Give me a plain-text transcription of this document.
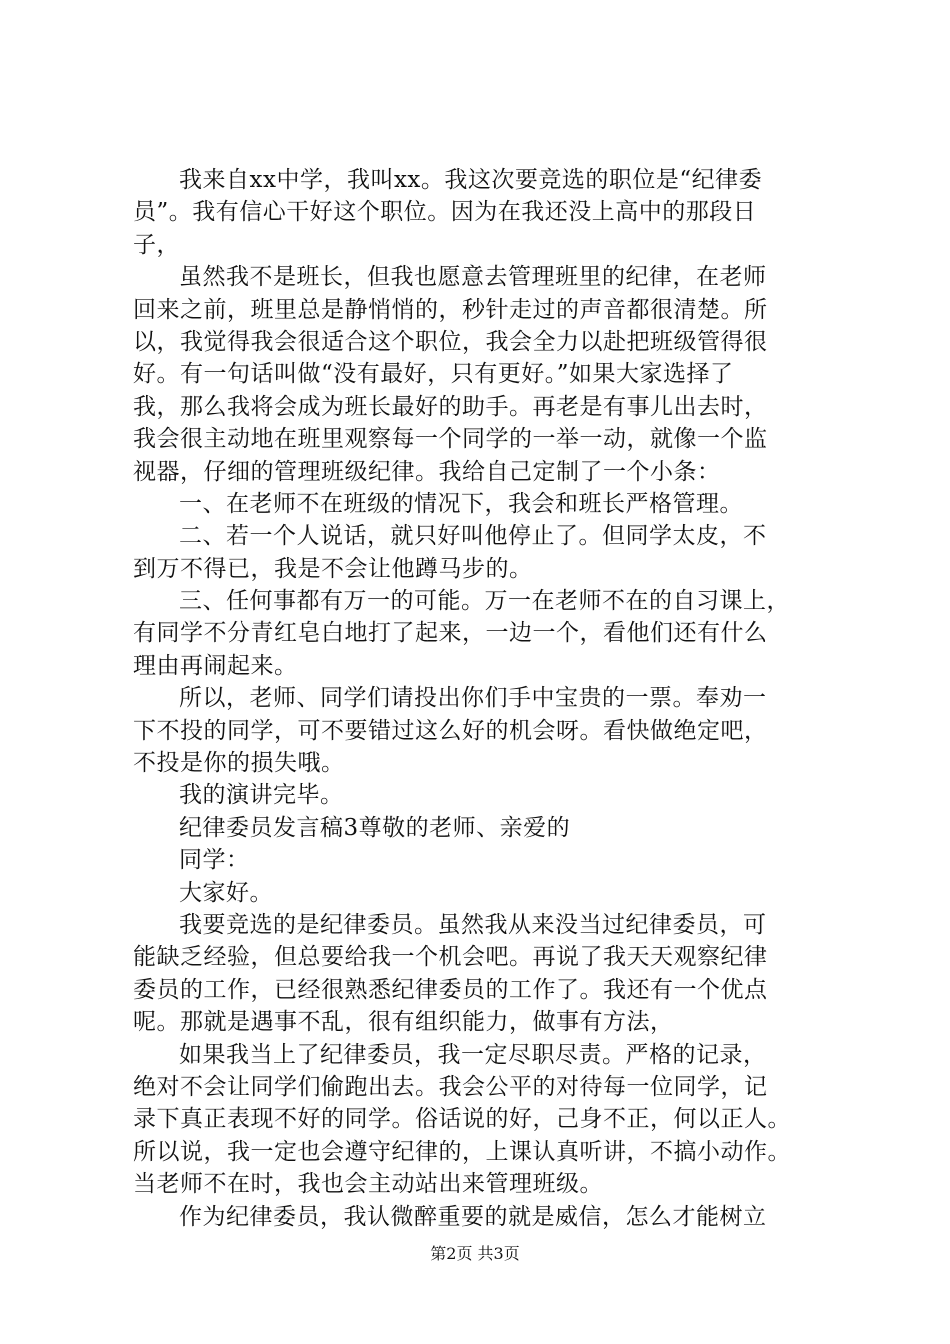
我来自xx中学，我叫xx。我这次要竞选的职位是“纪律委
员”。我有信心干好这个职位。因为在我还没上高中的那段日
子，
虽然我不是班长，但我也愿意去管理班里的纪律，在老师
回来之前，班里总是静悄悄的，秒针走过的声音都很清楚。所
以，我觉得我会很适合这个职位，我会全力以赴把班级管得很
好。有一句话叫做“没有最好，只有更好。”如果大家选择了
我，那么我将会成为班长最好的助手。再老是有事儿出去时，
我会很主动地在班里观察每一个同学的一举一动，就像一个监
视器，仔细的管理班级纪律。我给自己定制了一个小条：
一、在老师不在班级的情况下，我会和班长严格管理。
二、若一个人说话，就只好叫他停止了。但同学太皮，不
到万不得已，我是不会让他蹲马步的。
三、任何事都有万一的可能。万一在老师不在的自习课上，
有同学不分青红皂白地打了起来，一边一个，看他们还有什么
理由再闹起来。
所以，老师、同学们请投出你们手中宝贵的一票。奉劝一
下不投的同学，可不要错过这么好的机会呀。看快做绝定吧，
不投是你的损失哦。
我的演讲完毕。
纪律委员发言稿3尊敬的老师、亲爱的
同学：
大家好。
我要竞选的是纪律委员。虽然我从来没当过纪律委员，可
能缺乏经验，但总要给我一个机会吧。再说了我天天观察纪律
委员的工作，已经很熟悉纪律委员的工作了。我还有一个优点
呢。那就是遇事不乱，很有组织能力，做事有方法，
如果我当上了纪律委员，我一定尽职尽责。严格的记录，
绝对不会让同学们偷跑出去。我会公平的对待每一位同学，记
录下真正表现不好的同学。俗话说的好，己身不正，何以正人。
所以说，我一定也会遵守纪律的，上课认真听讲，不搞小动作。
当老师不在时，我也会主动站出来管理班级。
作为纪律委员，我认微醉重要的就是威信，怎么才能树立
第2页 共3页
